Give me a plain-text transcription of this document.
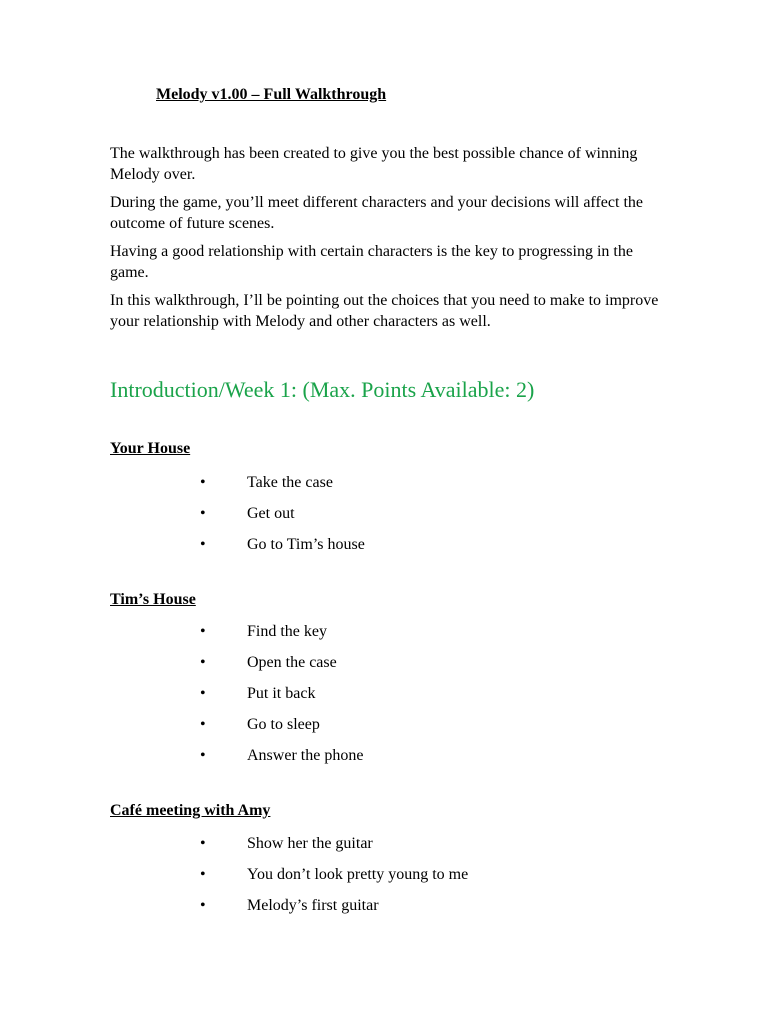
Melody v1.00 – Full Walkthrough

The walkthrough has been created to give you the best possible chance of winning Melody over.

During the game, you’ll meet different characters and your decisions will affect the outcome of future scenes.

Having a good relationship with certain characters is the key to progressing in the game.

In this walkthrough, I’ll be pointing out the choices that you need to make to improve your relationship with Melody and other characters as well.

Introduction/Week 1: (Max. Points Available: 2)
Your House
•	Take the case
•	Get out
•	Go to Tim’s house
Tim’s House
•	Find the key
•	Open the case
•	Put it back
•	Go to sleep
•	Answer the phone
Café meeting with Amy
•	Show her the guitar
•	You don’t look pretty young to me
•	Melody’s first guitar
